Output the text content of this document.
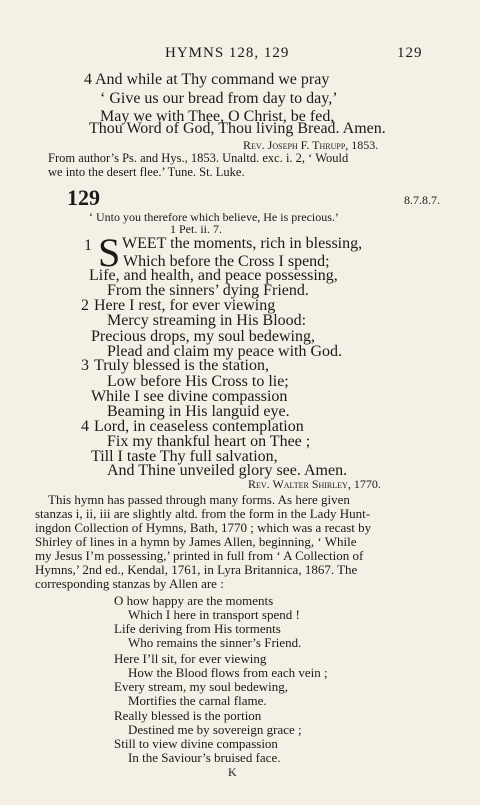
HYMNS 128, 129	129
4 And while at Thy command we pray
‘ Give us our bread from day to day,’
May we with Thee, O Christ, be fed,
Thou Word of God, Thou living Bread. Amen.
Rev. Joseph F. Thrupp, 1853.
From author’s Ps. and Hys., 1853. Unaltd. exc. i. 2, ‘ Would
we into the desert flee.’ Tune. St. Luke.
129	8.7.8.7.
‘ Unto you therefore which believe, He is precious.’
1 Pet. ii. 7.
1 S WEET the moments, rich in blessing,
Which before the Cross I spend;
Life, and health, and peace possessing,
From the sinners’ dying Friend.
2 Here I rest, for ever viewing
Mercy streaming in His Blood:
Precious drops, my soul bedewing,
Plead and claim my peace with God.
3 Truly blessed is the station,
Low before His Cross to lie;
While I see divine compassion
Beaming in His languid eye.
4 Lord, in ceaseless contemplation
Fix my thankful heart on Thee ;
Till I taste Thy full salvation,
And Thine unveiled glory see. Amen.
Rev. Walter Shirley, 1770.
This hymn has passed through many forms. As here given
stanzas i, ii, iii are slightly altd. from the form in the Lady Hunt-
ingdon Collection of Hymns, Bath, 1770 ; which was a recast by
Shirley of lines in a hymn by James Allen, beginning, ‘ While
my Jesus I’m possessing,’ printed in full from ‘ A Collection of
Hymns,’ 2nd ed., Kendal, 1761, in Lyra Britannica, 1867. The
corresponding stanzas by Allen are :
O how happy are the moments
Which I here in transport spend !
Life deriving from His torments
Who remains the sinner’s Friend.
Here I’ll sit, for ever viewing
How the Blood flows from each vein ;
Every stream, my soul bedewing,
Mortifies the carnal flame.
Really blessed is the portion
Destined me by sovereign grace ;
Still to view divine compassion
In the Saviour’s bruised face.
K
